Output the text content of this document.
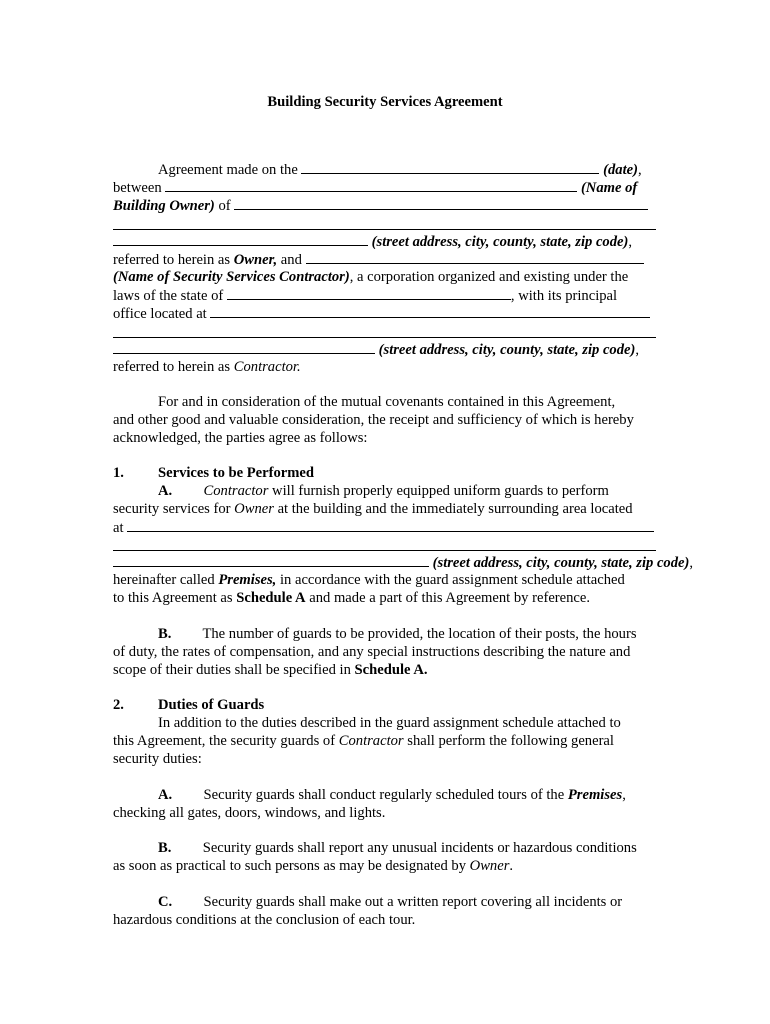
Building Security Services Agreement
Agreement made on the	(date),
between	(Name of
Building Owner) of
(street address, city, county, state, zip code),
referred to herein as Owner, and
(Name of Security Services Contractor), a corporation organized and existing under the
laws of the state of	, with its principal
office located at
(street address, city, county, state, zip code),
referred to herein as Contractor.
For and in consideration of the mutual covenants contained in this Agreement,
and other good and valuable consideration, the receipt and sufficiency of which is hereby
acknowledged, the parties agree as follows:
1. Services to be Performed
A. Contractor will furnish properly equipped uniform guards to perform
security services for Owner at the building and the immediately surrounding area located
at
(street address, city, county, state, zip code),
hereinafter called Premises, in accordance with the guard assignment schedule attached
to this Agreement as Schedule A and made a part of this Agreement by reference.
B. The number of guards to be provided, the location of their posts, the hours
of duty, the rates of compensation, and any special instructions describing the nature and
scope of their duties shall be specified in Schedule A.
2. Duties of Guards
In addition to the duties described in the guard assignment schedule attached to
this Agreement, the security guards of Contractor shall perform the following general
security duties:
A. Security guards shall conduct regularly scheduled tours of the Premises,
checking all gates, doors, windows, and lights.
B. Security guards shall report any unusual incidents or hazardous conditions
as soon as practical to such persons as may be designated by Owner.
C. Security guards shall make out a written report covering all incidents or
hazardous conditions at the conclusion of each tour.
